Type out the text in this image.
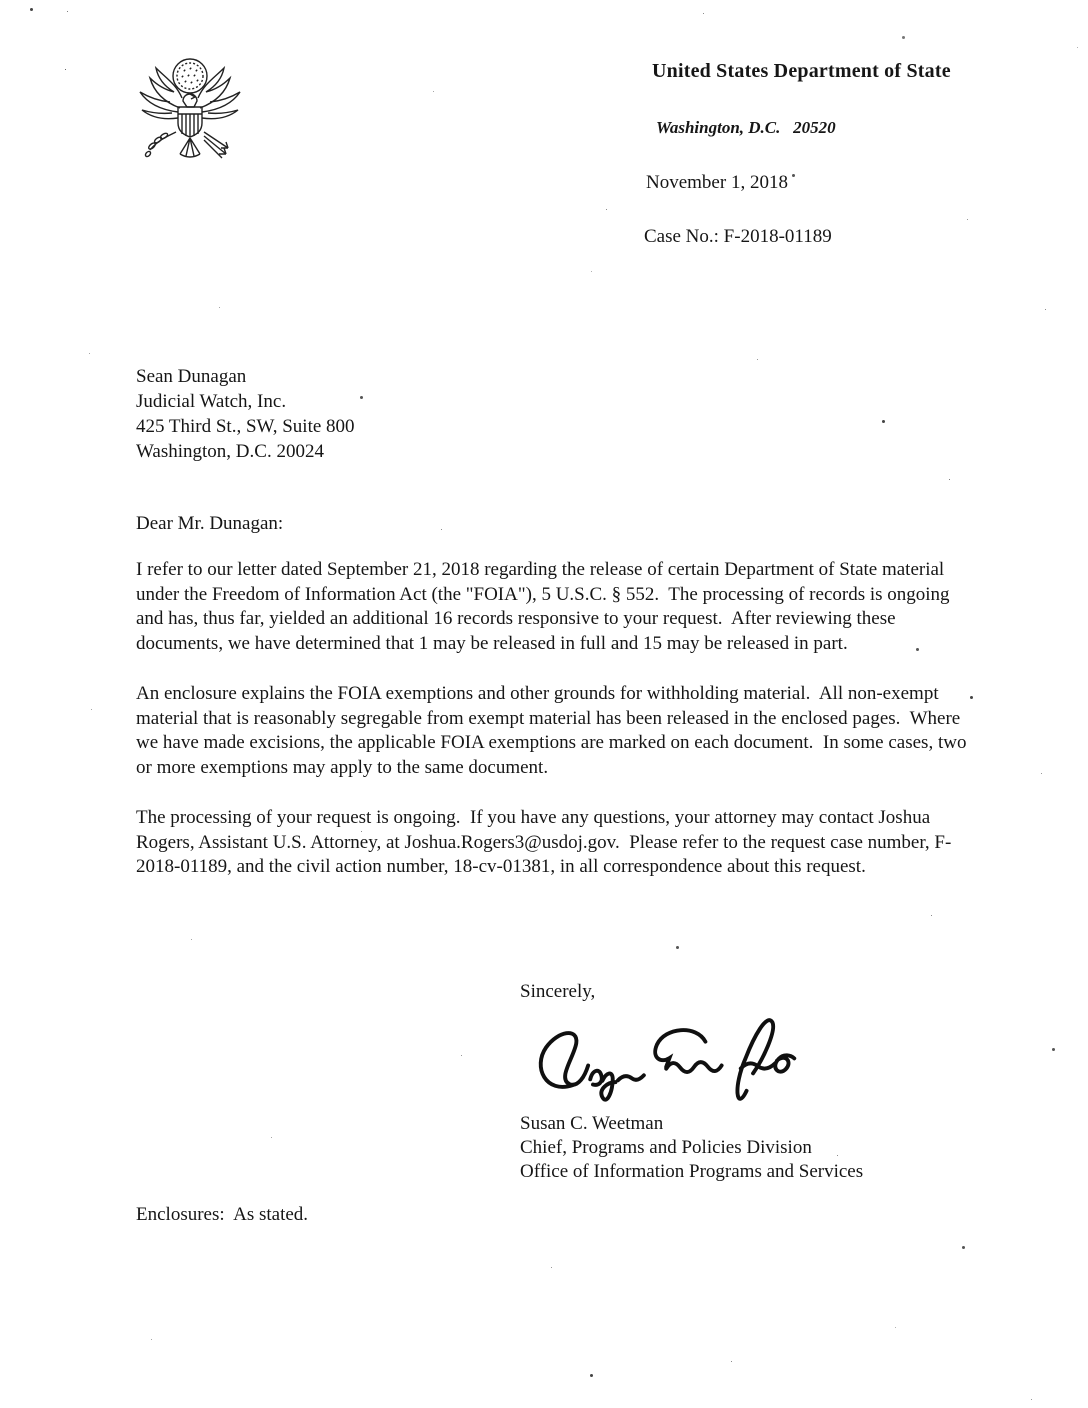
United States Department of State
Washington, D.C.   20520
November 1, 2018
Case No.: F-2018-01189
Sean Dunagan
Judicial Watch, Inc.
425 Third St., SW, Suite 800
Washington, D.C. 20024
Dear Mr. Dunagan:

I refer to our letter dated September 21, 2018 regarding the release of certain Department of State material under the Freedom of Information Act (the "FOIA"), 5 U.S.C. § 552.  The processing of records is ongoing and has, thus far, yielded an additional 16 records responsive to your request.  After reviewing these documents, we have determined that 1 may be released in full and 15 may be released in part.

An enclosure explains the FOIA exemptions and other grounds for withholding material.  All non-exempt material that is reasonably segregable from exempt material has been released in the enclosed pages.  Where we have made excisions, the applicable FOIA exemptions are marked on each document.  In some cases, two or more exemptions may apply to the same document.

The processing of your request is ongoing.  If you have any questions, your attorney may contact Joshua Rogers, Assistant U.S. Attorney, at Joshua.Rogers3@usdoj.gov.  Please refer to the request case number, F-2018-01189, and the civil action number, 18-cv-01381, in all correspondence about this request.

Sincerely,

Susan C. Weetman
Chief, Programs and Policies Division
Office of Information Programs and Services
Enclosures:  As stated.
